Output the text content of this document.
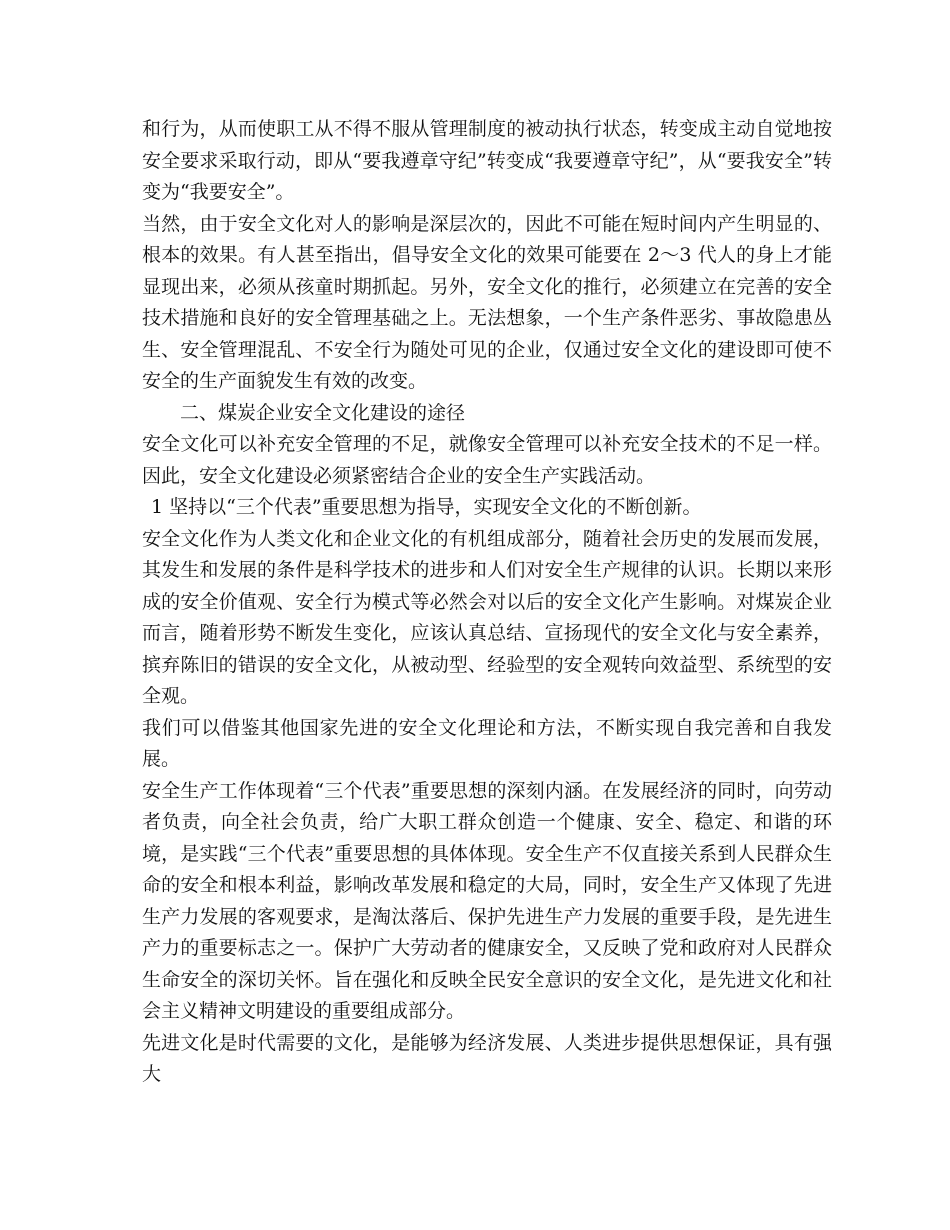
和行为，从而使职工从不得不服从管理制度的被动执行状态，转变成主动自觉地按安全要求采取行动，即从“要我遵章守纪”转变成“我要遵章守纪”，从“要我安全”转变为“我要安全”。

当然，由于安全文化对人的影响是深层次的，因此不可能在短时间内产生明显的、根本的效果。有人甚至指出，倡导安全文化的效果可能要在 2～3 代人的身上才能显现出来，必须从孩童时期抓起。另外，安全文化的推行，必须建立在完善的安全技术措施和良好的安全管理基础之上。无法想象，一个生产条件恶劣、事故隐患丛生、安全管理混乱、不安全行为随处可见的企业，仅通过安全文化的建设即可使不安全的生产面貌发生有效的改变。

二、煤炭企业安全文化建设的途径

安全文化可以补充安全管理的不足，就像安全管理可以补充安全技术的不足一样。因此，安全文化建设必须紧密结合企业的安全生产实践活动。

1 坚持以“三个代表”重要思想为指导，实现安全文化的不断创新。

安全文化作为人类文化和企业文化的有机组成部分，随着社会历史的发展而发展，其发生和发展的条件是科学技术的进步和人们对安全生产规律的认识。长期以来形成的安全价值观、安全行为模式等必然会对以后的安全文化产生影响。对煤炭企业而言，随着形势不断发生变化，应该认真总结、宣扬现代的安全文化与安全素养，摈弃陈旧的错误的安全文化，从被动型、经验型的安全观转向效益型、系统型的安全观。

我们可以借鉴其他国家先进的安全文化理论和方法，不断实现自我完善和自我发展。

安全生产工作体现着“三个代表”重要思想的深刻内涵。在发展经济的同时，向劳动者负责，向全社会负责，给广大职工群众创造一个健康、安全、稳定、和谐的环境，是实践“三个代表”重要思想的具体体现。安全生产不仅直接关系到人民群众生命的安全和根本利益，影响改革发展和稳定的大局，同时，安全生产又体现了先进生产力发展的客观要求，是淘汰落后、保护先进生产力发展的重要手段，是先进生产力的重要标志之一。保护广大劳动者的健康安全，又反映了党和政府对人民群众生命安全的深切关怀。旨在强化和反映全民安全意识的安全文化，是先进文化和社会主义精神文明建设的重要组成部分。

先进文化是时代需要的文化，是能够为经济发展、人类进步提供思想保证，具有强大
